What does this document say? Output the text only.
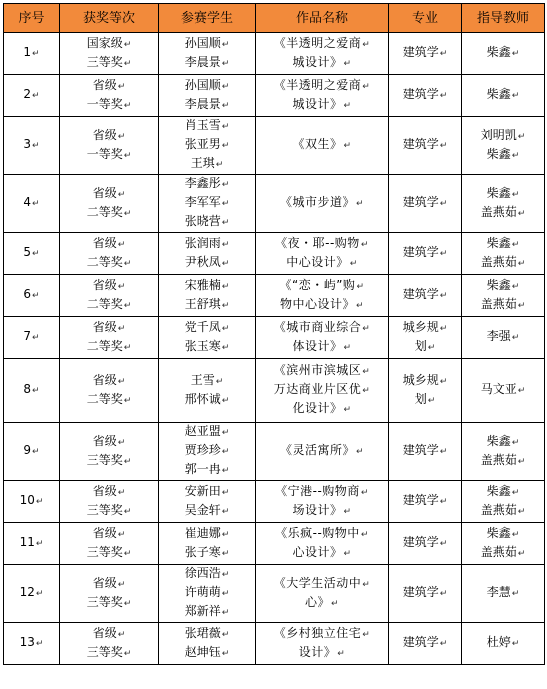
序号	获奖等次	参赛学生	作品名称	专业	指导教师

1↵	国家级↵
三等奖↵	孙国顺↵
李晨景↵	《半透明之爱商↵
城设计》↵	建筑学↵	柴鑫↵

2↵	省级↵
一等奖↵	孙国顺↵
李晨景↵	《半透明之爱商↵
城设计》↵	建筑学↵	柴鑫↵

3↵	省级↵
一等奖↵	肖玉雪↵
张亚男↵
王琪↵	《双生》↵	建筑学↵	刘明凯↵
柴鑫↵

4↵	省级↵
二等奖↵	李鑫彤↵
李军军↵
张晓营↵	《城市步道》↵	建筑学↵	柴鑫↵
盖燕茹↵

5↵	省级↵
二等奖↵	张润雨↵
尹秋凤↵	《夜・耶--购物↵
中心设计》↵	建筑学↵	柴鑫↵
盖燕茹↵

6↵	省级↵
二等奖↵	宋雅楠↵
王舒琪↵	《“恋・屿”购↵
物中心设计》↵	建筑学↵	柴鑫↵
盖燕茹↵

7↵	省级↵
二等奖↵	党千凤↵
张玉寒↵	《城市商业综合↵
体设计》↵	城乡规↵
划↵	李强↵

8↵	省级↵
二等奖↵	王雪↵
邢怀诚↵	《滨州市滨城区↵
万达商业片区优↵
化设计》↵	城乡规↵
划↵	马文亚↵

9↵	省级↵
三等奖↵	赵亚盟↵
贾珍珍↵
郭一冉↵	《灵活寓所》↵	建筑学↵	柴鑫↵
盖燕茹↵

10↵	省级↵
三等奖↵	安新田↵
吴金轩↵	《宁港--购物商↵
场设计》↵	建筑学↵	柴鑫↵
盖燕茹↵

11↵	省级↵
三等奖↵	崔迪娜↵
张子寒↵	《乐疯--购物中↵
心设计》↵	建筑学↵	柴鑫↵
盖燕茹↵

12↵	省级↵
三等奖↵	徐西浩↵
许萌萌↵
郑新祥↵	《大学生活动中↵
心》↵	建筑学↵	李慧↵

13↵	省级↵
三等奖↵	张珺薇↵
赵坤钰↵	《乡村独立住宅↵
设计》↵	建筑学↵	杜婷↵
